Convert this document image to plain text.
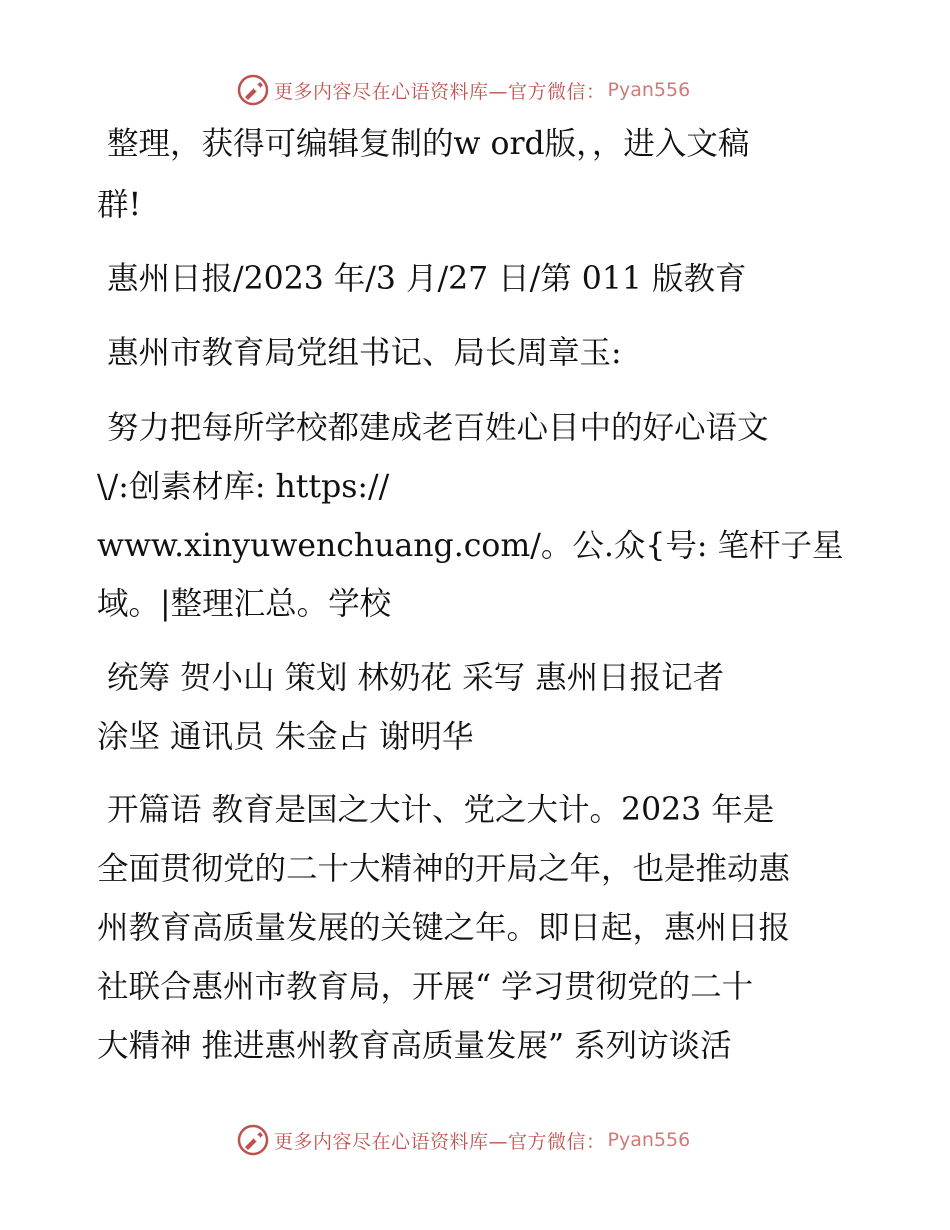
更多内容尽在心语资料库—官方微信： Pyan556
整理，获得可编辑复制的w ord版，，进入文稿
群!
惠州日报/2023 年/3 月/27 日/第 011 版教育
惠州市教育局党组书记、局长周章玉:
努力把每所学校都建成老百姓心目中的好心语文
\/:创素材库: https://
www.xinyuwenchuang.com/。公.众{号: 笔杆子星
域。|整理汇总。学校
统筹 贺小山 策划 林奶花 采写 惠州日报记者
涂坚 通讯员 朱金占 谢明华
开篇语 教育是国之大计、党之大计。2023 年是
全面贯彻党的二十大精神的开局之年，也是推动惠
州教育高质量发展的关键之年。即日起，惠州日报
社联合惠州市教育局，开展“ 学习贯彻党的二十
大精神 推进惠州教育高质量发展” 系列访谈活
更多内容尽在心语资料库—官方微信： Pyan556
